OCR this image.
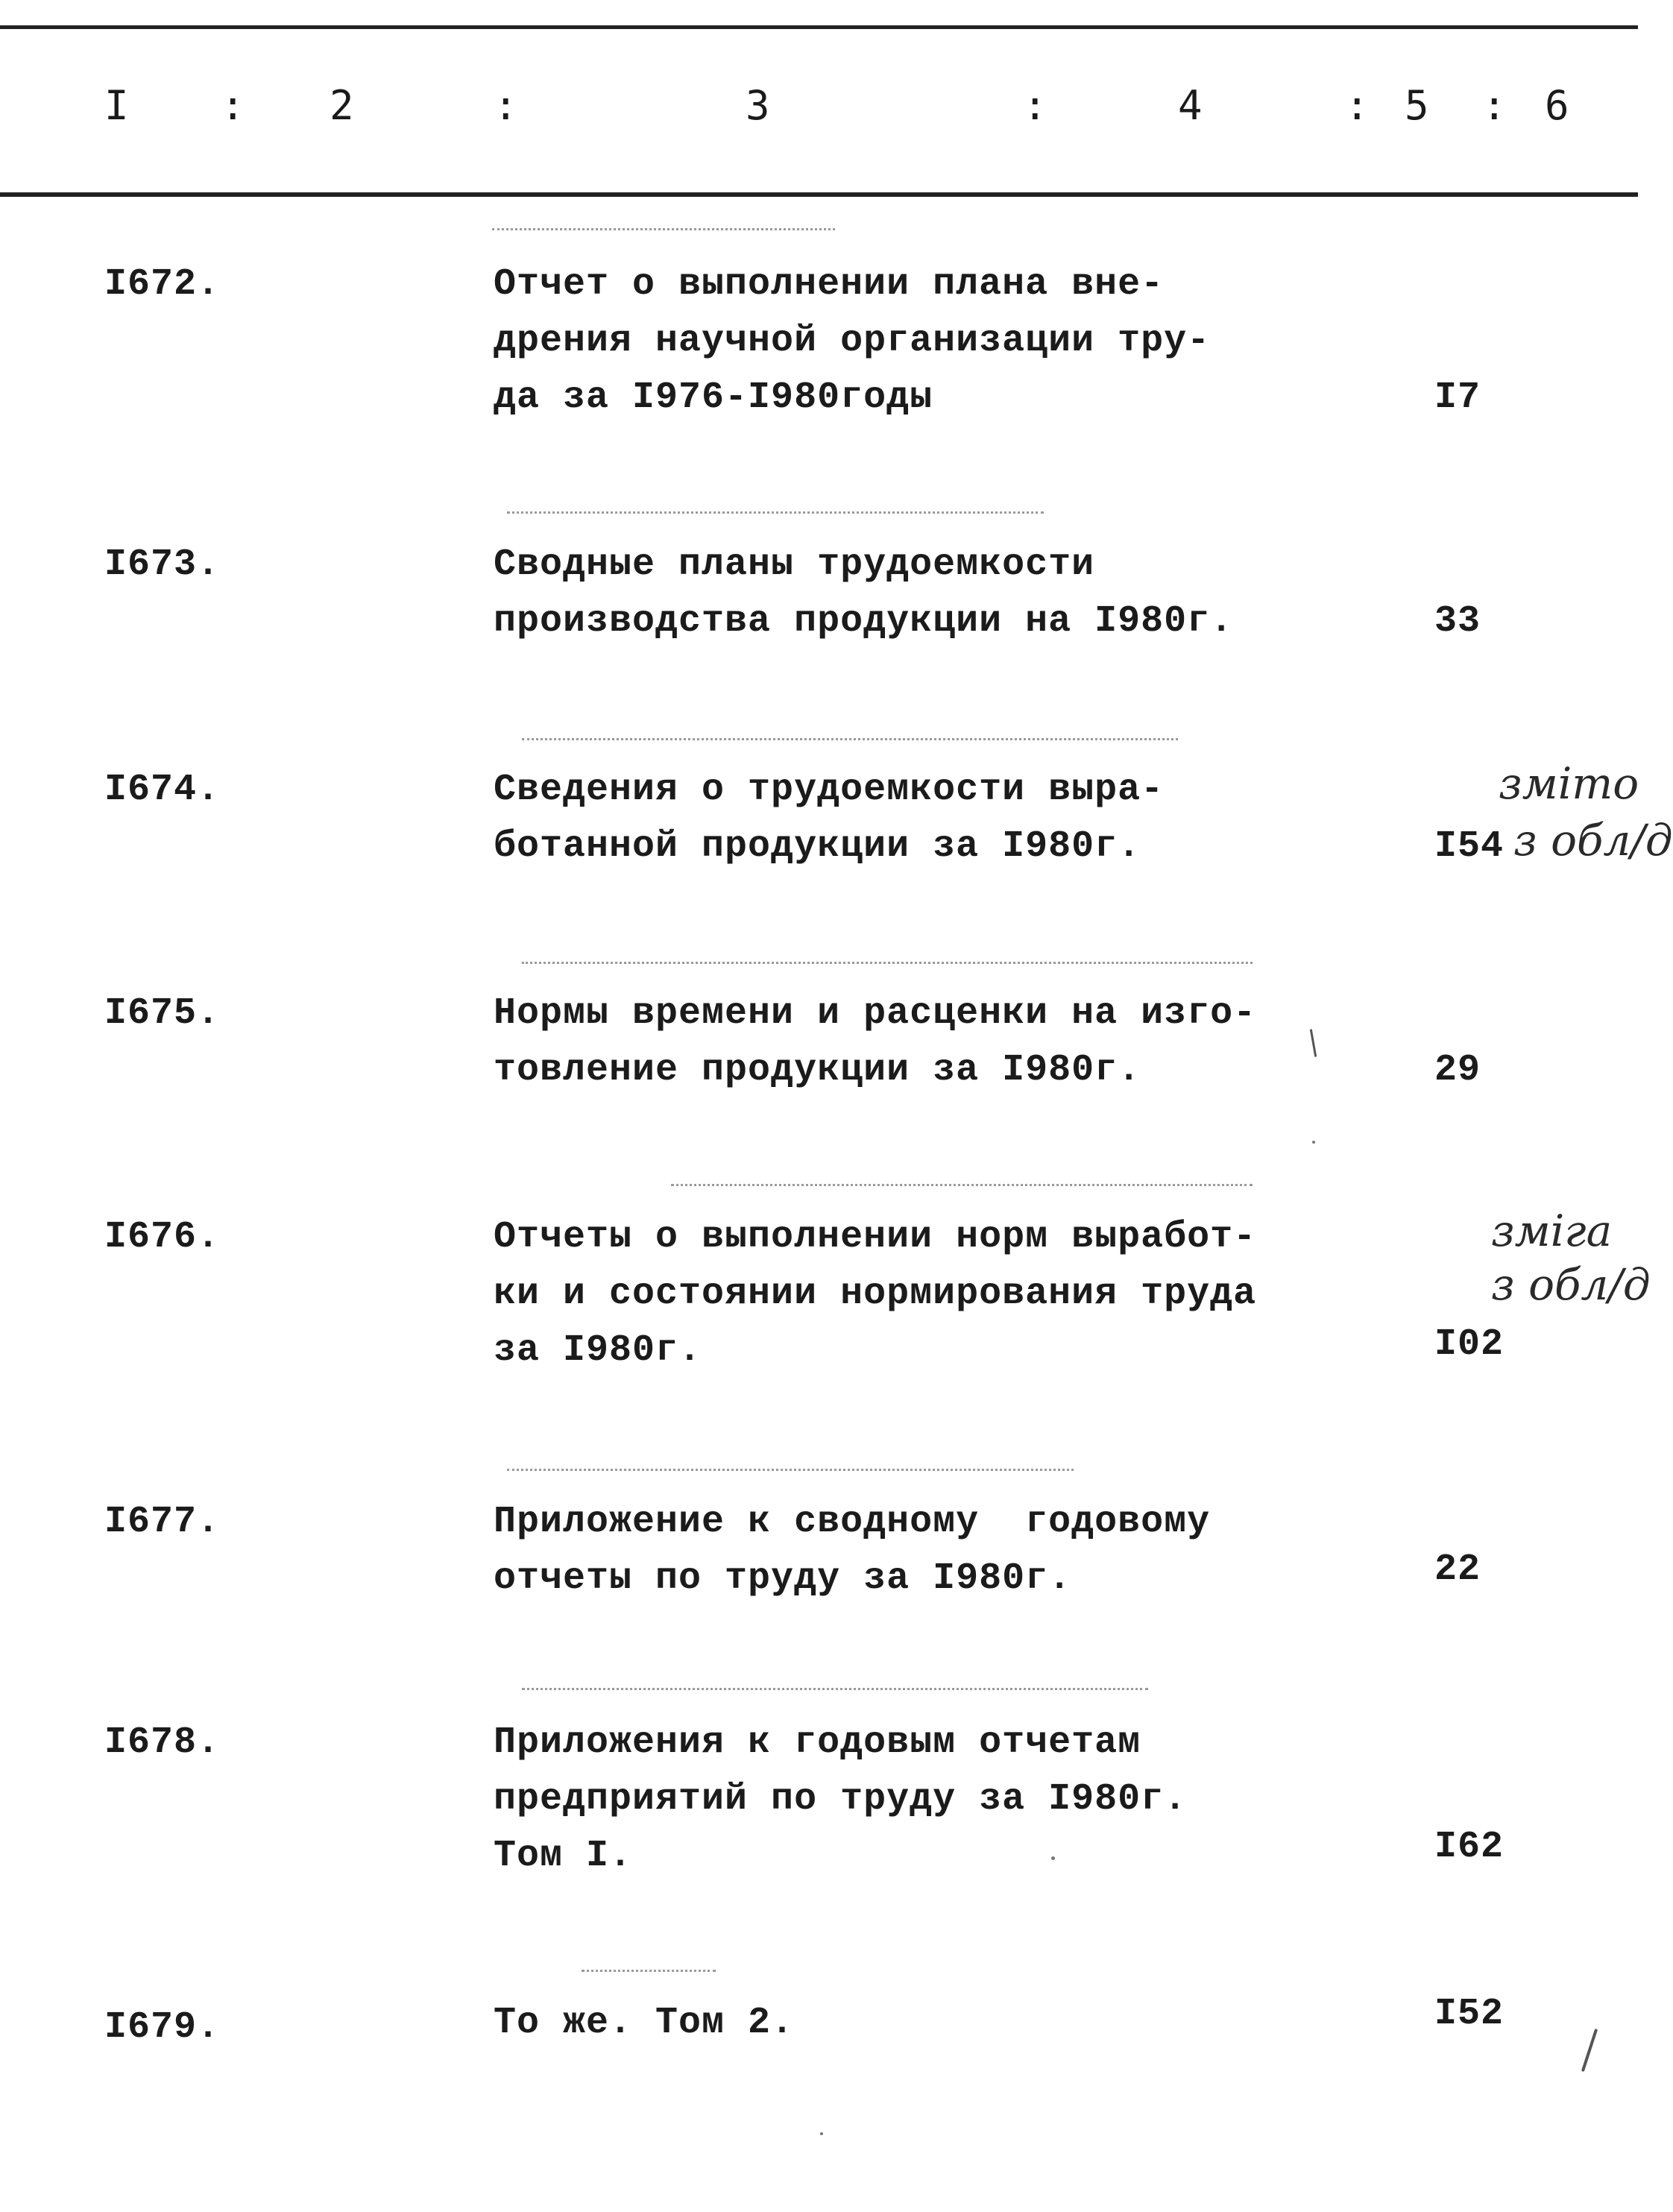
I : 2	:	3	:	4	: 5 : 6
I672.	Отчет о выполнении плана вне-
дрения научной организации тру-
да за I976-I980годы	I7
I673.	Сводные планы трудоемкости
производства продукции на I980г.	33
I674.	Сведения о трудоемкости выра-
ботанной продукции за I980г.	I54
зміто
з обл/д
I675.	Нормы времени и расценки на изго-
товление продукции за I980г.	29
I676.	Отчеты о выполнении норм выработ-
ки и состоянии нормирования труда
за I980г.	I02
зміга
з обл/д
I677.	Приложение к сводному  годовому
отчеты по труду за I980г.	22
I678.	Приложения к годовым отчетам
предприятий по труду за I980г.
Том I.	I62
I679.	То же. Том 2.	I52
